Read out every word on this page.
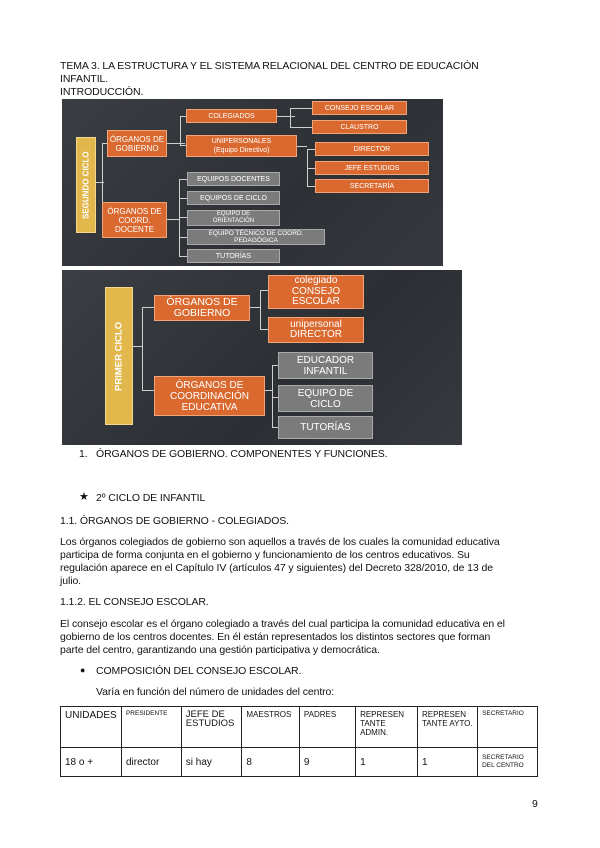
TEMA 3. LA ESTRUCTURA Y EL SISTEMA RELACIONAL DEL CENTRO DE EDUCACIÓN
INFANTIL.
INTRODUCCIÓN.
SEGUNDO CICLO
ÓRGANOS DE GOBIERNO
ÓRGANOS DE COORD. DOCENTE
COLEGIADOS
UNIPERSONALES
(Equipo Directivo)
CONSEJO ESCOLAR
CLAUSTRO
DIRECTOR
JEFE ESTUDIOS
SECRETARÍA
EQUIPOS DOCENTES
EQUIPOS DE CICLO
EQUIPO DE
ORIENTACIÓN
EQUIPO TÉCNICO DE COORD.
PEDAGÓGICA
TUTORÍAS
PRIMER CICLO
ÓRGANOS DE
GOBIERNO
ÓRGANOS DE
COORDINACIÓN
EDUCATIVA
colegiado
CONSEJO
ESCOLAR
unipersonal
DIRECTOR
EDUCADOR
INFANTIL
EQUIPO DE
CICLO
TUTORÍAS
1. ÓRGANOS DE GOBIERNO. COMPONENTES Y FUNCIONES.
★ 2º CICLO DE INFANTIL
1.1. ÓRGANOS DE GOBIERNO - COLEGIADOS.
Los órganos colegiados de gobierno son aquellos a través de los cuales la comunidad educativa
participa de forma conjunta en el gobierno y funcionamiento de los centros educativos. Su
regulación aparece en el Capítulo IV (artículos 47 y siguientes) del Decreto 328/2010, de 13 de
julio.
1.1.2. EL CONSEJO ESCOLAR.
El consejo escolar es el órgano colegiado a través del cual participa la comunidad educativa en el
gobierno de los centros docentes. En él están representados los distintos sectores que forman
parte del centro, garantizando una gestión participativa y democrática.
● COMPOSICIÓN DEL CONSEJO ESCOLAR.
Varía en función del número de unidades del centro:
UNIDADES	PRESIDENTE	JEFE DE ESTUDIOS	MAESTROS	PADRES	REPRESEN TANTE ADMIN.	REPRESEN TANTE AYTO.	SECRETARIO
18 o +	director	si hay	8	9	1	1	SECRETARIO DEL CENTRO
9
